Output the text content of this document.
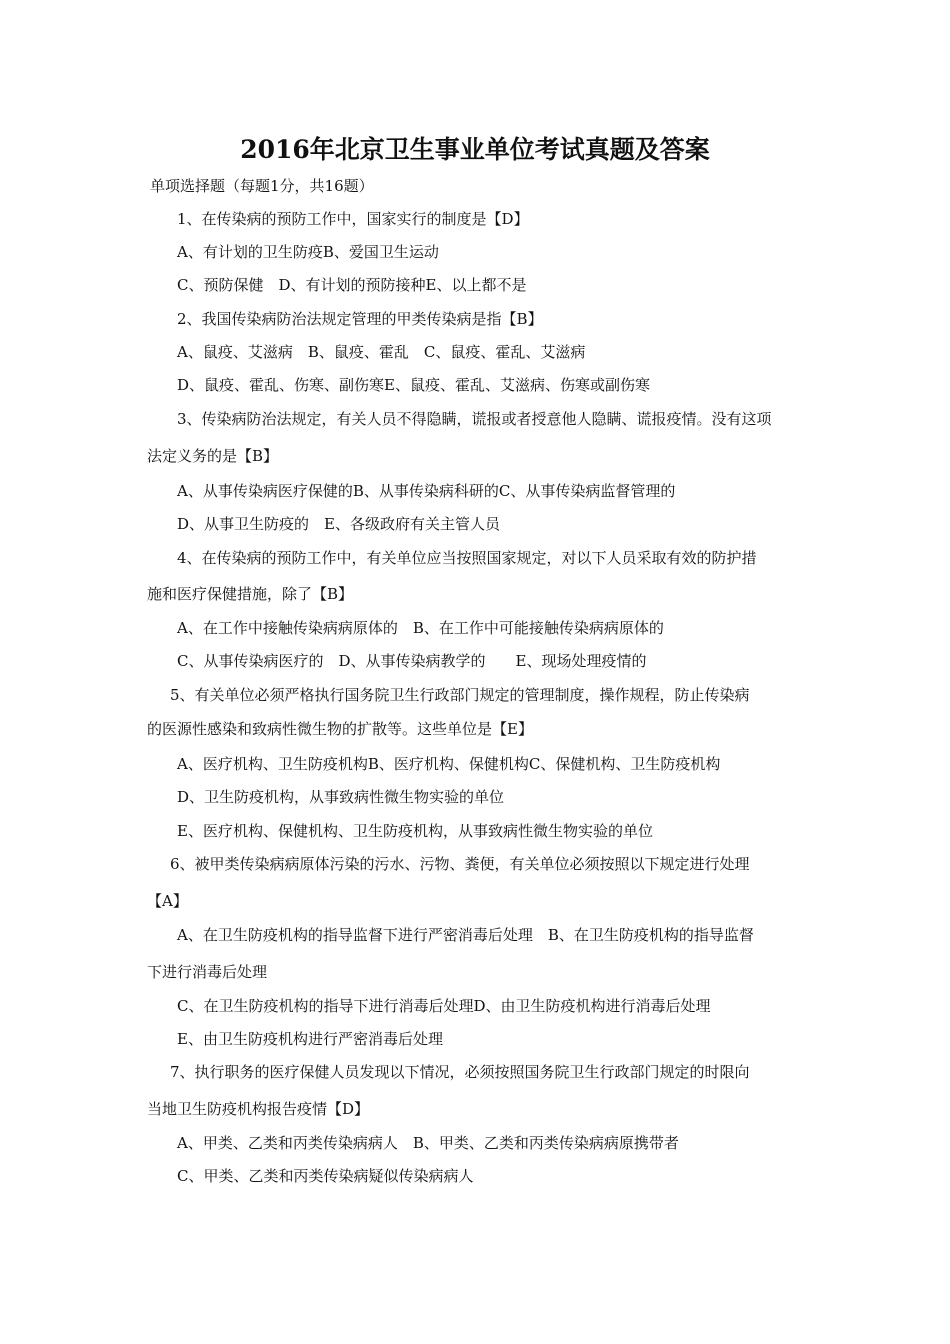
2016年北京卫生事业单位考试真题及答案
单项选择题（每题1分，共16题）
1、在传染病的预防工作中，国家实行的制度是【D】
A、有计划的卫生防疫B、爱国卫生运动
C、预防保健　D、有计划的预防接种E、以上都不是
2、我国传染病防治法规定管理的甲类传染病是指【B】
A、鼠疫、艾滋病　B、鼠疫、霍乱　C、鼠疫、霍乱、艾滋病
D、鼠疫、霍乱、伤寒、副伤寒E、鼠疫、霍乱、艾滋病、伤寒或副伤寒
3、传染病防治法规定，有关人员不得隐瞒，谎报或者授意他人隐瞒、谎报疫情。没有这项
法定义务的是【B】
A、从事传染病医疗保健的B、从事传染病科研的C、从事传染病监督管理的
D、从事卫生防疫的　E、各级政府有关主管人员
4、在传染病的预防工作中，有关单位应当按照国家规定，对以下人员采取有效的防护措
施和医疗保健措施，除了【B】
A、在工作中接触传染病病原体的　B、在工作中可能接触传染病病原体的
C、从事传染病医疗的　D、从事传染病教学的　　E、现场处理疫情的
5、有关单位必须严格执行国务院卫生行政部门规定的管理制度，操作规程，防止传染病
的医源性感染和致病性微生物的扩散等。这些单位是【E】
A、医疗机构、卫生防疫机构B、医疗机构、保健机构C、保健机构、卫生防疫机构
D、卫生防疫机构，从事致病性微生物实验的单位
E、医疗机构、保健机构、卫生防疫机构，从事致病性微生物实验的单位
6、被甲类传染病病原体污染的污水、污物、粪便，有关单位必须按照以下规定进行处理
【A】
A、在卫生防疫机构的指导监督下进行严密消毒后处理　B、在卫生防疫机构的指导监督
下进行消毒后处理
C、在卫生防疫机构的指导下进行消毒后处理D、由卫生防疫机构进行消毒后处理
E、由卫生防疫机构进行严密消毒后处理
7、执行职务的医疗保健人员发现以下情况，必须按照国务院卫生行政部门规定的时限向
当地卫生防疫机构报告疫情【D】
A、甲类、乙类和丙类传染病病人　B、甲类、乙类和丙类传染病病原携带者
C、甲类、乙类和丙类传染病疑似传染病病人
